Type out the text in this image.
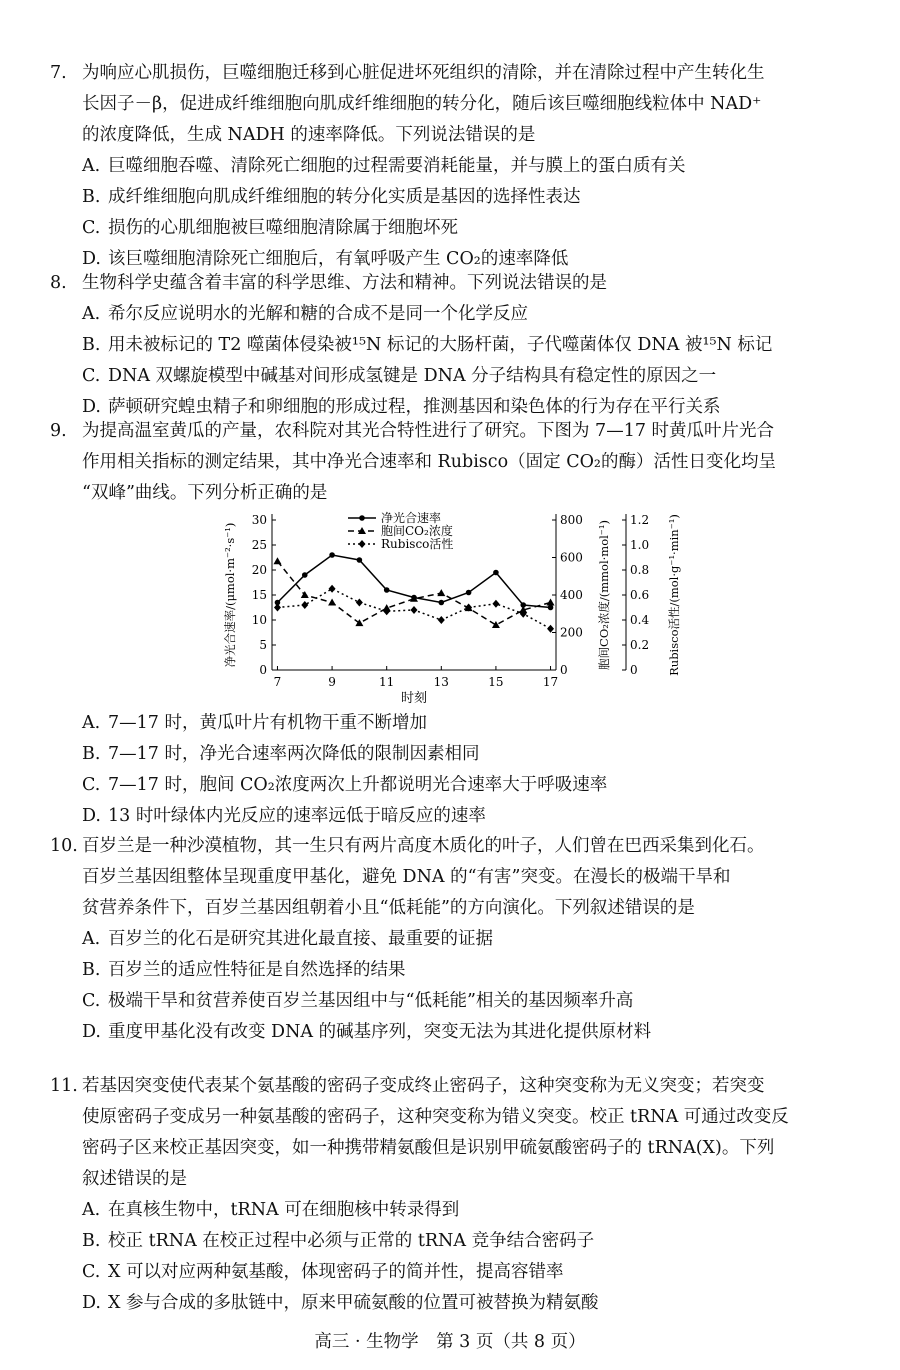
7. 为响应心肌损伤，巨噬细胞迁移到心脏促进坏死组织的清除，并在清除过程中产生转化生
长因子－β，促进成纤维细胞向肌成纤维细胞的转分化，随后该巨噬细胞线粒体中 NAD⁺
的浓度降低，生成 NADH 的速率降低。下列说法错误的是
A. 巨噬细胞吞噬、清除死亡细胞的过程需要消耗能量，并与膜上的蛋白质有关
B. 成纤维细胞向肌成纤维细胞的转分化实质是基因的选择性表达
C. 损伤的心肌细胞被巨噬细胞清除属于细胞坏死
D. 该巨噬细胞清除死亡细胞后，有氧呼吸产生 CO₂的速率降低
8. 生物科学史蕴含着丰富的科学思维、方法和精神。下列说法错误的是
A. 希尔反应说明水的光解和糖的合成不是同一个化学反应
B. 用未被标记的 T2 噬菌体侵染被¹⁵N 标记的大肠杆菌，子代噬菌体仅 DNA 被¹⁵N 标记
C. DNA 双螺旋模型中碱基对间形成氢键是 DNA 分子结构具有稳定性的原因之一
D. 萨顿研究蝗虫精子和卵细胞的形成过程，推测基因和染色体的行为存在平行关系
9. 为提高温室黄瓜的产量，农科院对其光合特性进行了研究。下图为 7—17 时黄瓜叶片光合
作用相关指标的测定结果，其中净光合速率和 Rubisco（固定 CO₂的酶）活性日变化均呈
“双峰”曲线。下列分析正确的是
0
5
10
15
20
25
30
0
200
400
600
800
0
0.2
0.4
0.6
0.8
1.0
1.2
7	9	11	13	15	17
时刻
净光合速率/(μmol·m⁻²·s⁻¹)	胞间CO₂浓度/(mmol·mol⁻¹)	Rubisco活性/(mol·g⁻¹·min⁻¹)
净光合速率
胞间CO₂浓度
Rubisco活性
A. 7—17 时，黄瓜叶片有机物干重不断增加
B. 7—17 时，净光合速率两次降低的限制因素相同
C. 7—17 时，胞间 CO₂浓度两次上升都说明光合速率大于呼吸速率
D. 13 时叶绿体内光反应的速率远低于暗反应的速率
10. 百岁兰是一种沙漠植物，其一生只有两片高度木质化的叶子，人们曾在巴西采集到化石。
百岁兰基因组整体呈现重度甲基化，避免 DNA 的“有害”突变。在漫长的极端干旱和
贫营养条件下，百岁兰基因组朝着小且“低耗能”的方向演化。下列叙述错误的是
A. 百岁兰的化石是研究其进化最直接、最重要的证据
B. 百岁兰的适应性特征是自然选择的结果
C. 极端干旱和贫营养使百岁兰基因组中与“低耗能”相关的基因频率升高
D. 重度甲基化没有改变 DNA 的碱基序列，突变无法为其进化提供原材料
11. 若基因突变使代表某个氨基酸的密码子变成终止密码子，这种突变称为无义突变；若突变
使原密码子变成另一种氨基酸的密码子，这种突变称为错义突变。校正 tRNA 可通过改变反
密码子区来校正基因突变，如一种携带精氨酸但是识别甲硫氨酸密码子的 tRNA(X)。下列
叙述错误的是
A. 在真核生物中，tRNA 可在细胞核中转录得到
B. 校正 tRNA 在校正过程中必须与正常的 tRNA 竞争结合密码子
C. X 可以对应两种氨基酸，体现密码子的简并性，提高容错率
D. X 参与合成的多肽链中，原来甲硫氨酸的位置可被替换为精氨酸
高三 · 生物学　第 3 页（共 8 页）
